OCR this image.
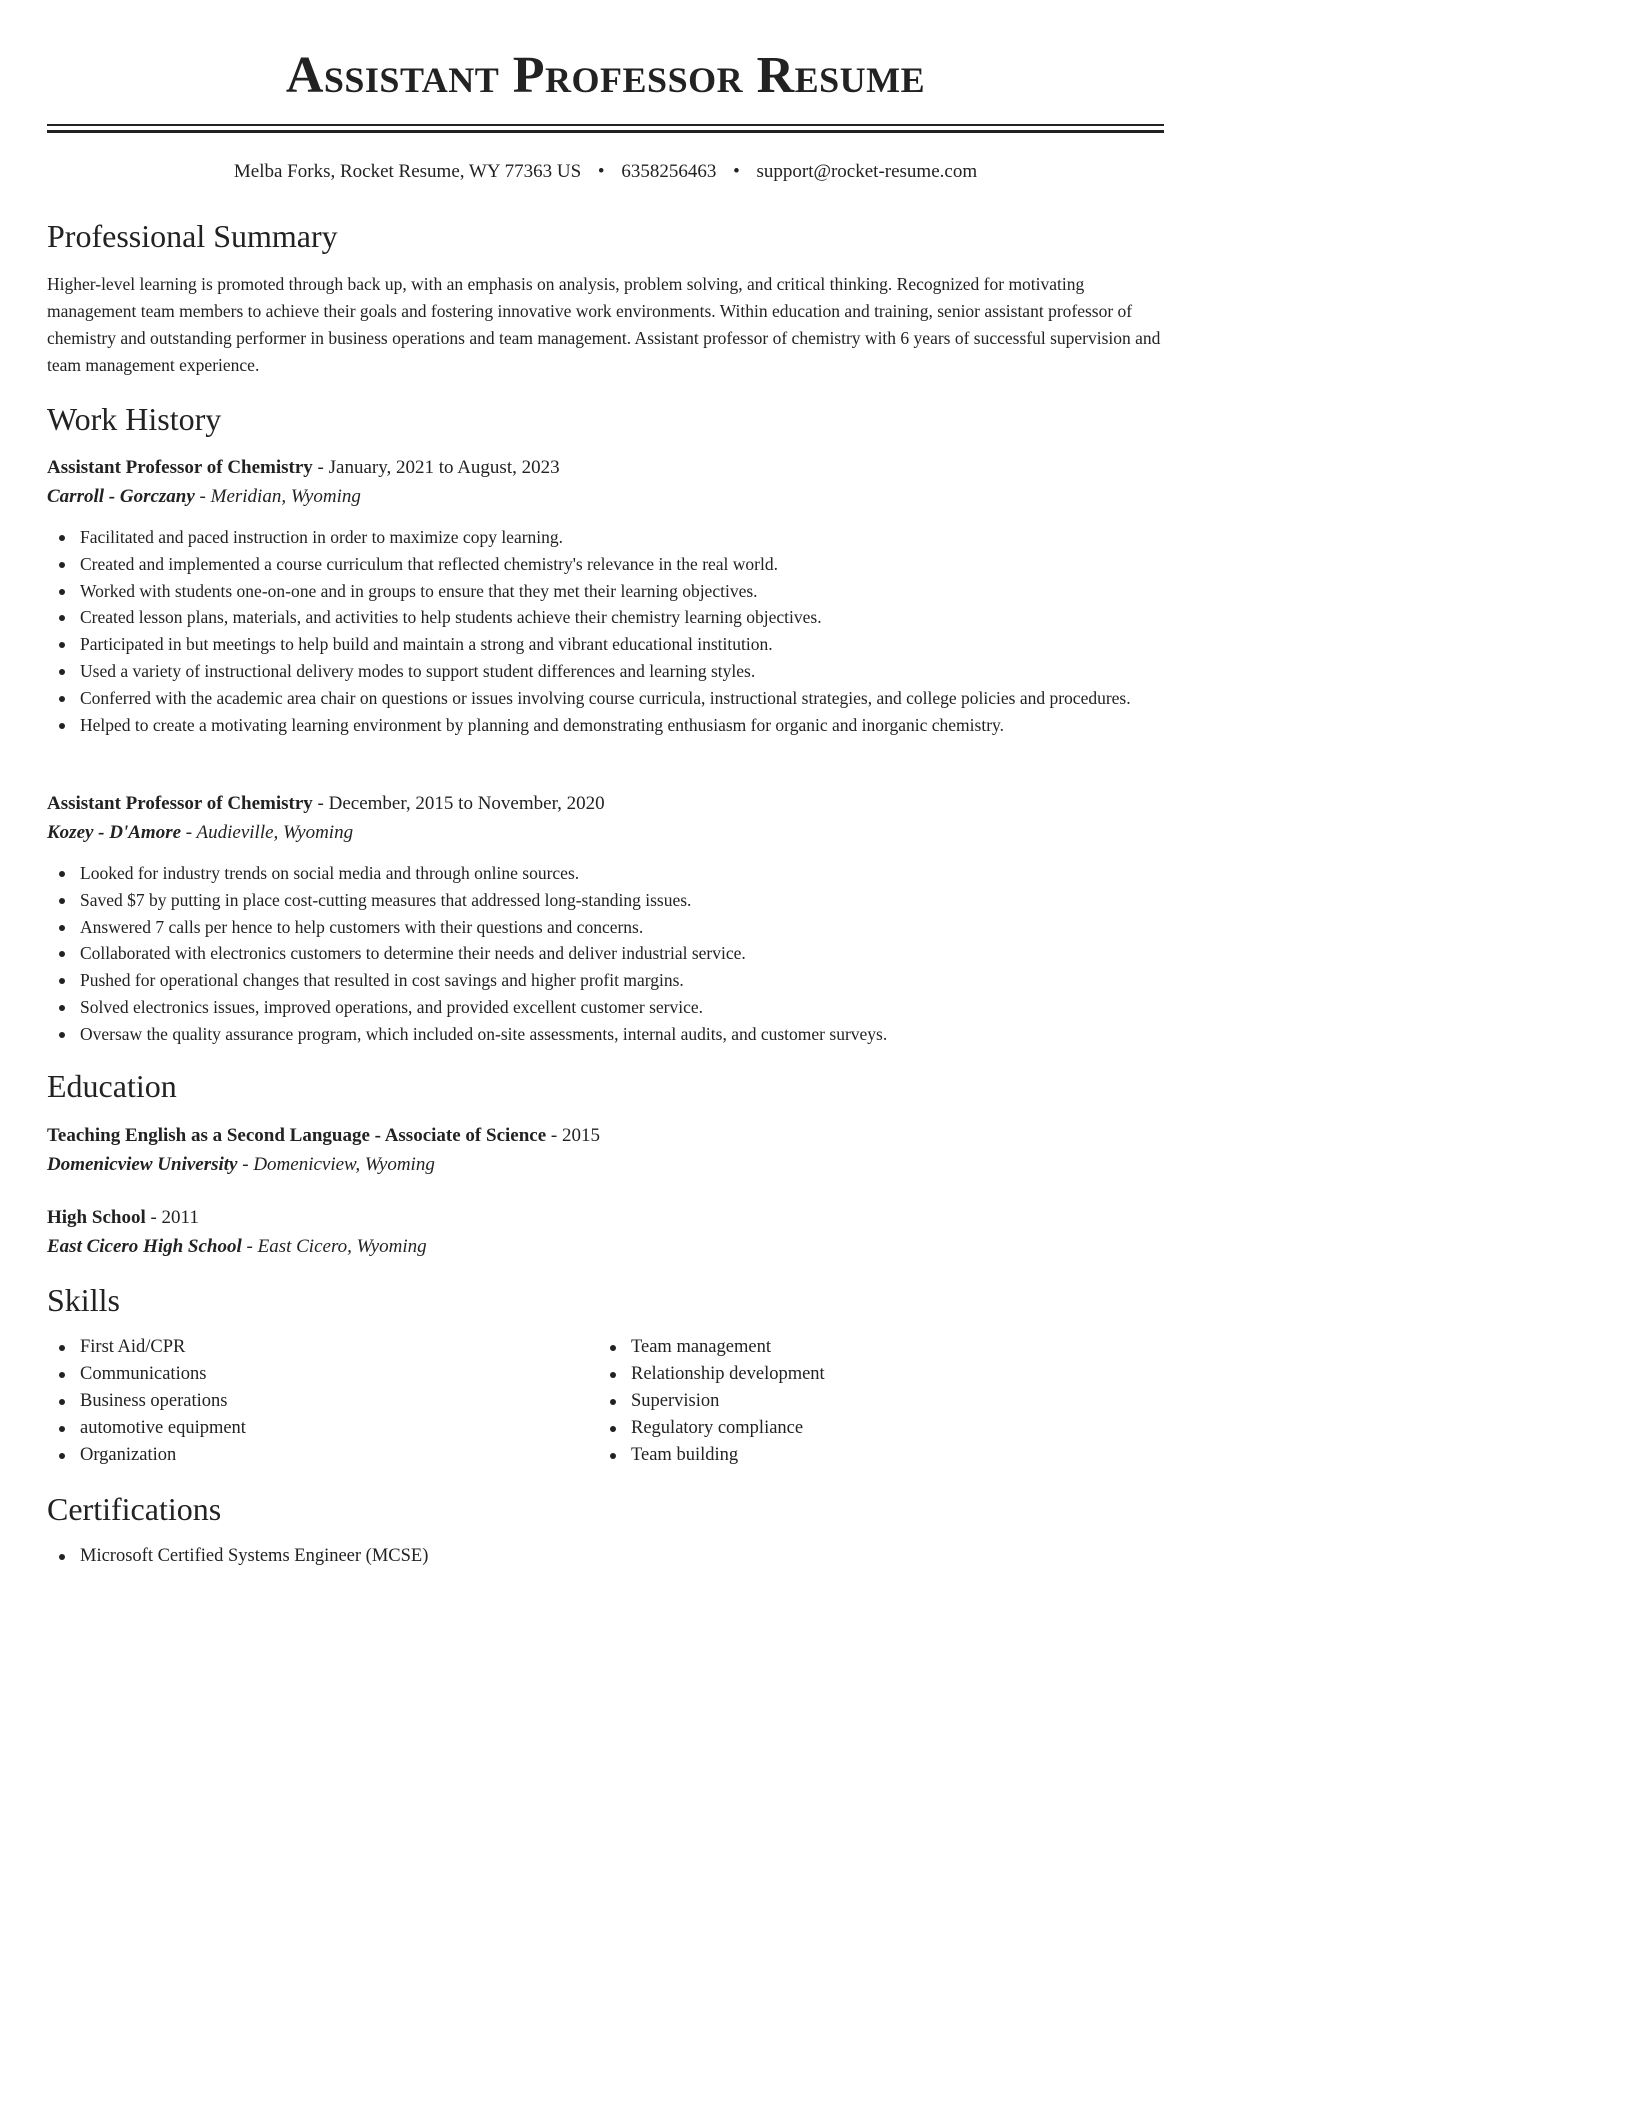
Assistant Professor Resume
Melba Forks, Rocket Resume, WY 77363 US • 6358256463 • support@rocket-resume.com
Professional Summary

Higher-level learning is promoted through back up, with an emphasis on analysis, problem solving, and critical thinking. Recognized for motivating management team members to achieve their goals and fostering innovative work environments. Within education and training, senior assistant professor of chemistry and outstanding performer in business operations and team management. Assistant professor of chemistry with 6 years of successful supervision and team management experience.

Work History
Assistant Professor of Chemistry - January, 2021 to August, 2023
Carroll - Gorczany - Meridian, Wyoming
Facilitated and paced instruction in order to maximize copy learning.
Created and implemented a course curriculum that reflected chemistry's relevance in the real world.
Worked with students one-on-one and in groups to ensure that they met their learning objectives.
Created lesson plans, materials, and activities to help students achieve their chemistry learning objectives.
Participated in but meetings to help build and maintain a strong and vibrant educational institution.
Used a variety of instructional delivery modes to support student differences and learning styles.
Conferred with the academic area chair on questions or issues involving course curricula, instructional strategies, and college policies and procedures.
Helped to create a motivating learning environment by planning and demonstrating enthusiasm for organic and inorganic chemistry.
Assistant Professor of Chemistry - December, 2015 to November, 2020
Kozey - D'Amore - Audieville, Wyoming
Looked for industry trends on social media and through online sources.
Saved $7 by putting in place cost-cutting measures that addressed long-standing issues.
Answered 7 calls per hence to help customers with their questions and concerns.
Collaborated with electronics customers to determine their needs and deliver industrial service.
Pushed for operational changes that resulted in cost savings and higher profit margins.
Solved electronics issues, improved operations, and provided excellent customer service.
Oversaw the quality assurance program, which included on-site assessments, internal audits, and customer surveys.
Education
Teaching English as a Second Language - Associate of Science - 2015
Domenicview University - Domenicview, Wyoming
High School - 2011
East Cicero High School - East Cicero, Wyoming
Skills
First Aid/CPR
Communications
Business operations
automotive equipment
Organization
Team management
Relationship development
Supervision
Regulatory compliance
Team building
Certifications
Microsoft Certified Systems Engineer (MCSE)
